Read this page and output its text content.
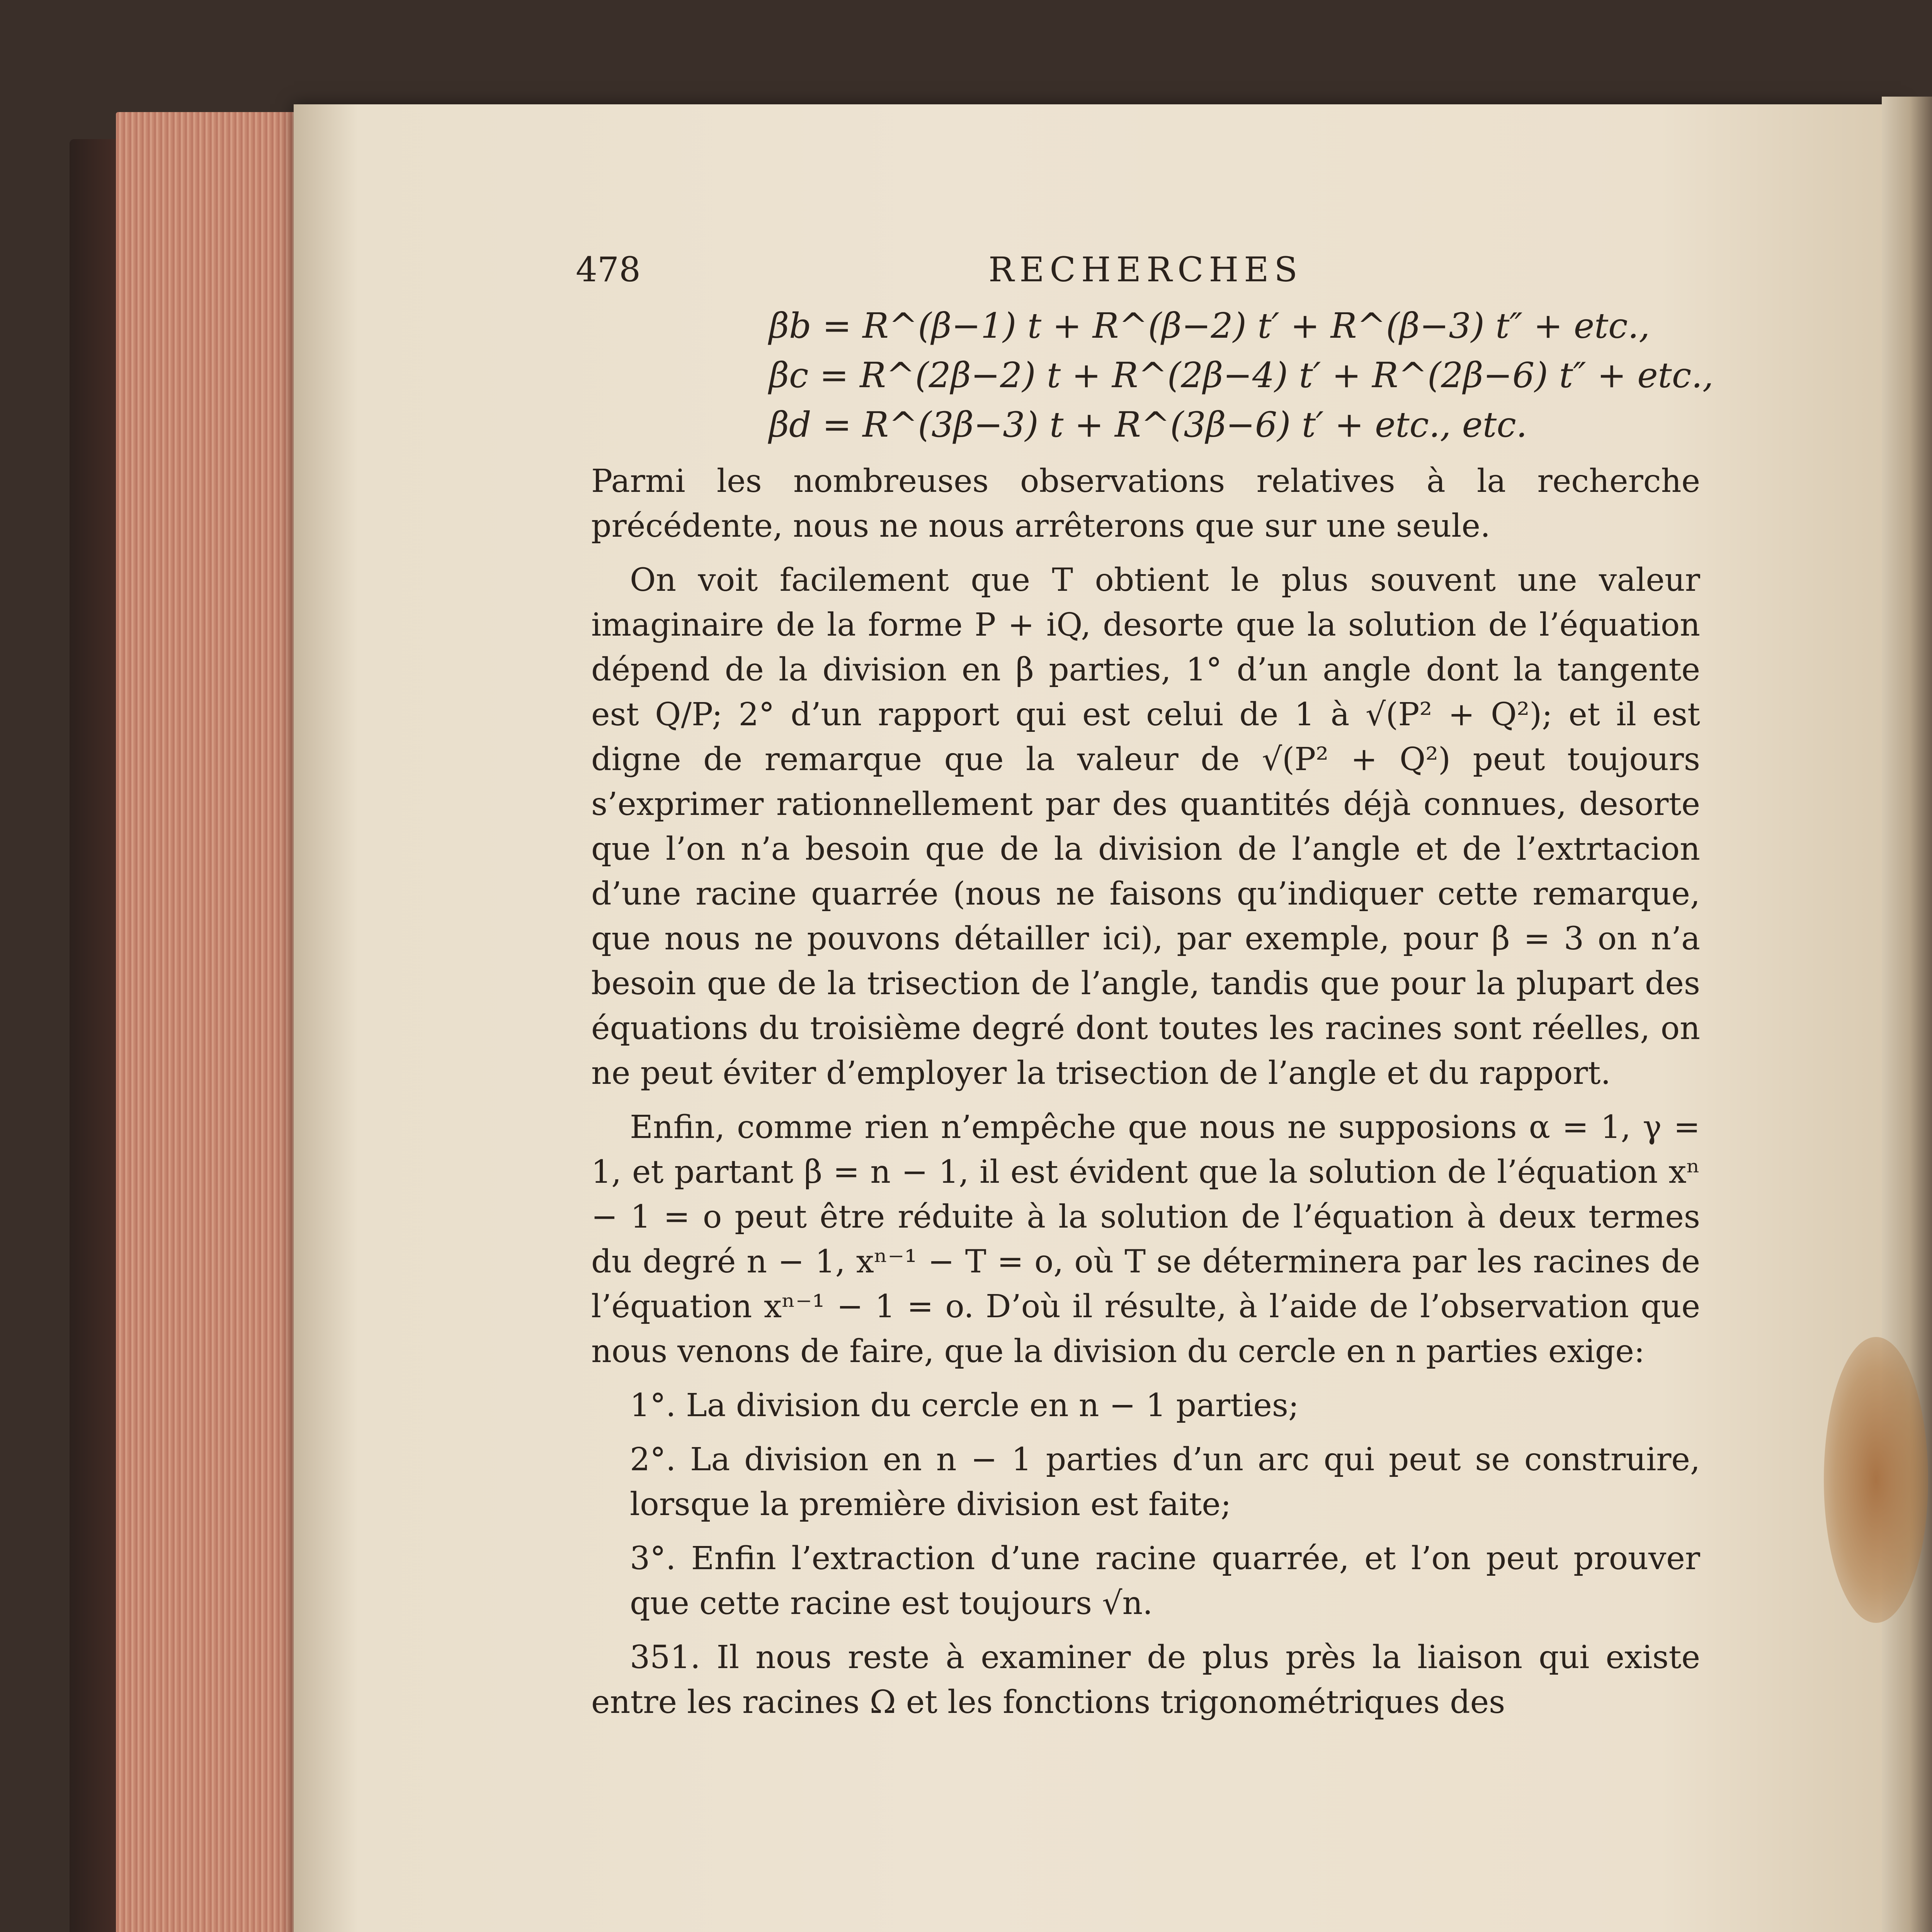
478	RECHERCHES
βb = R^(β−1) t + R^(β−2) t′ + R^(β−3) t″ + etc.,
βc = R^(2β−2) t + R^(2β−4) t′ + R^(2β−6) t″ + etc.,
βd = R^(3β−3) t + R^(3β−6) t′ + etc., etc.

Parmi les nombreuses observations relatives à la recherche précédente, nous ne nous arrêterons que sur une seule.

On voit facilement que T obtient le plus souvent une valeur imaginaire de la forme P + iQ, desorte que la solution de l’équation dépend de la division en β parties, 1° d’un angle dont la tangente est Q/P; 2° d’un rapport qui est celui de 1 à √(P² + Q²); et il est digne de remarque que la valeur de √(P² + Q²) peut toujours s’exprimer rationnellement par des quantités déjà connues, desorte que l’on n’a besoin que de la division de l’angle et de l’extrtacion d’une racine quarrée (nous ne faisons qu’indiquer cette remarque, que nous ne pouvons détailler ici), par exemple, pour β = 3 on n’a besoin que de la trisection de l’angle, tandis que pour la plupart des équations du troisième degré dont toutes les racines sont réelles, on ne peut éviter d’employer la trisection de l’angle et du rapport.

Enfin, comme rien n’empêche que nous ne supposions α = 1, γ = 1, et partant β = n − 1, il est évident que la solution de l’équation xⁿ − 1 = o peut être réduite à la solution de l’équation à deux termes du degré n − 1, xⁿ⁻¹ − T = o, où T se déterminera par les racines de l’équation xⁿ⁻¹ − 1 = o. D’où il résulte, à l’aide de l’observation que nous venons de faire, que la division du cercle en n parties exige:

1°. La division du cercle en n − 1 parties;

2°. La division en n − 1 parties d’un arc qui peut se construire, lorsque la première division est faite;

3°. Enfin l’extraction d’une racine quarrée, et l’on peut prouver que cette racine est toujours √n.

351. Il nous reste à examiner de plus près la liaison qui existe entre les racines Ω et les fonctions trigonométriques des
